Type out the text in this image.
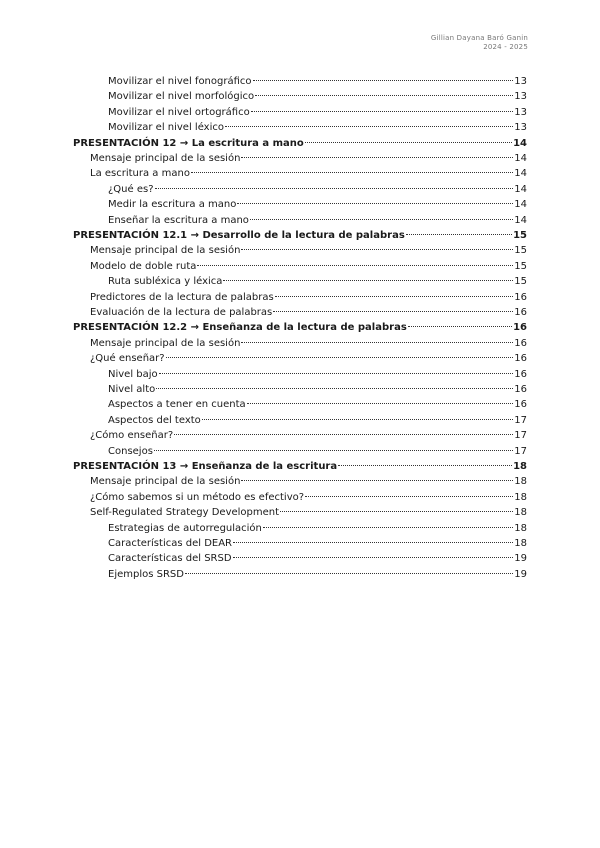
Gillian Dayana Baró Ganin
2024 - 2025
Movilizar el nivel fonográfico	13
Movilizar el nivel morfológico	13
Movilizar el nivel ortográfico	13
Movilizar el nivel léxico	13
PRESENTACIÓN 12 → La escritura a mano	14
Mensaje principal de la sesión	14
La escritura a mano	14
¿Qué es?	14
Medir la escritura a mano	14
Enseñar la escritura a mano	14
PRESENTACIÓN 12.1 → Desarrollo de la lectura de palabras	15
Mensaje principal de la sesión	15
Modelo de doble ruta	15
Ruta subléxica y léxica	15
Predictores de la lectura de palabras	16
Evaluación de la lectura de palabras	16
PRESENTACIÓN 12.2 → Enseñanza de la lectura de palabras	16
Mensaje principal de la sesión	16
¿Qué enseñar?	16
Nivel bajo	16
Nivel alto	16
Aspectos a tener en cuenta	16
Aspectos del texto	17
¿Cómo enseñar?	17
Consejos	17
PRESENTACIÓN 13 → Enseñanza de la escritura	18
Mensaje principal de la sesión	18
¿Cómo sabemos si un método es efectivo?	18
Self-Regulated Strategy Development	18
Estrategias de autorregulación	18
Características del DEAR	18
Características del SRSD	19
Ejemplos SRSD	19
